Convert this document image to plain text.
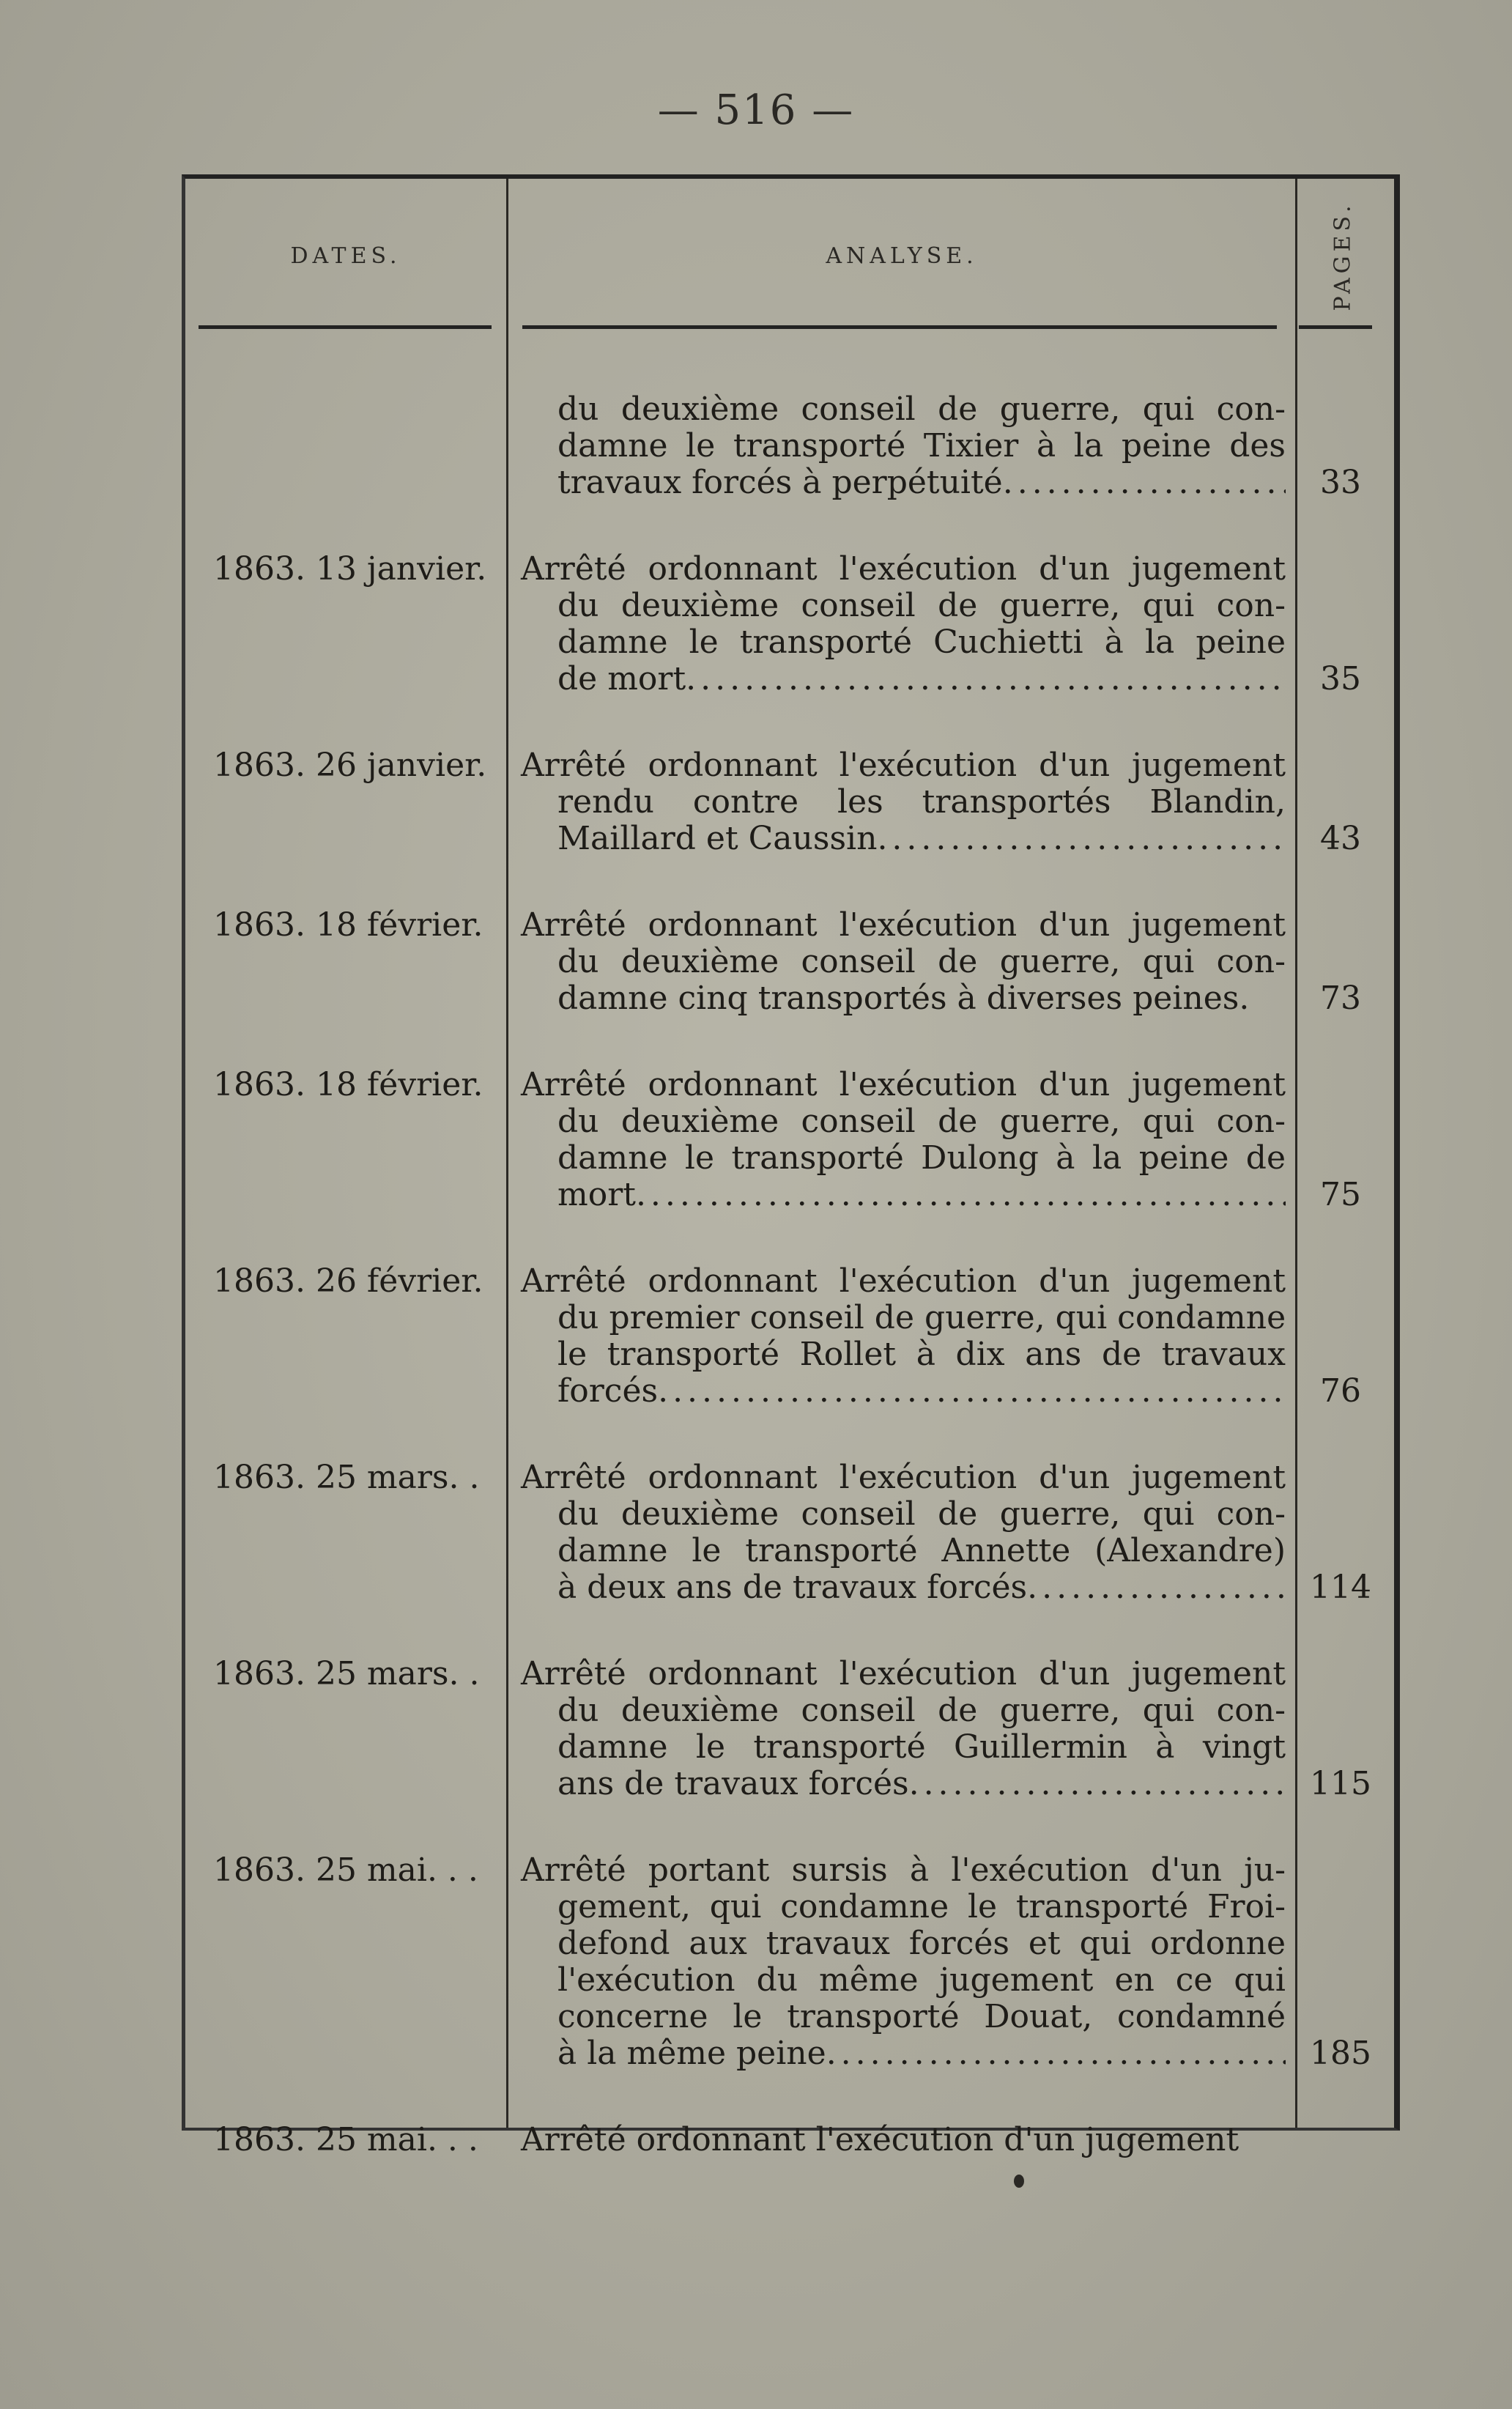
— 516 —
DATES.	ANALYSE.	PAGES.
du deuxième conseil de guerre, qui con-
damne le transporté Tixier à la peine des
travaux forcés à perpétuité .....	33
1863. 13 janvier.	Arrêté ordonnant l'exécution d'un jugement
du deuxième conseil de guerre, qui con-
damne le transporté Cuchietti à la peine
de mort .....	35
1863. 26 janvier.	Arrêté ordonnant l'exécution d'un jugement
rendu contre les transportés Blandin,
Maillard et Caussin .....	43
1863. 18 février.	Arrêté ordonnant l'exécution d'un jugement
du deuxième conseil de guerre, qui con-
damne cinq transportés à diverses peines.	73
1863. 18 février.	Arrêté ordonnant l'exécution d'un jugement
du deuxième conseil de guerre, qui con-
damne le transporté Dulong à la peine de
mort .....	75
1863. 26 février.	Arrêté ordonnant l'exécution d'un jugement
du premier conseil de guerre, qui condamne
le transporté Rollet à dix ans de travaux
forcés .....	76
1863. 25 mars. .	Arrêté ordonnant l'exécution d'un jugement
du deuxième conseil de guerre, qui con-
damne le transporté Annette (Alexandre)
à deux ans de travaux forcés .....	114
1863. 25 mars. .	Arrêté ordonnant l'exécution d'un jugement
du deuxième conseil de guerre, qui con-
damne le transporté Guillermin à vingt
ans de travaux forcés .....	115
1863. 25 mai. . .	Arrêté portant sursis à l'exécution d'un ju-
gement, qui condamne le transporté Froi-
defond aux travaux forcés et qui ordonne
l'exécution du même jugement en ce qui
concerne le transporté Douat, condamné
à la même peine .....	185
1863. 25 mai. . .	Arrêté ordonnant l'exécution d'un jugement
